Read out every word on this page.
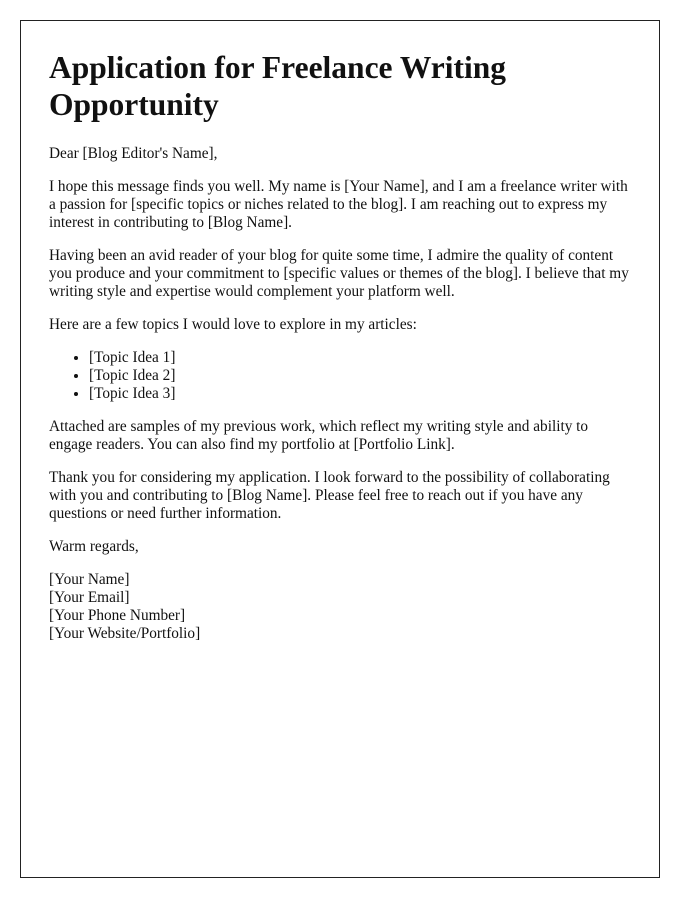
Application for Freelance Writing Opportunity

Dear [Blog Editor's Name],

I hope this message finds you well. My name is [Your Name], and I am a freelance writer with a passion for [specific topics or niches related to the blog]. I am reaching out to express my interest in contributing to [Blog Name].

Having been an avid reader of your blog for quite some time, I admire the quality of content you produce and your commitment to [specific values or themes of the blog]. I believe that my writing style and expertise would complement your platform well.

Here are a few topics I would love to explore in my articles:

• [Topic Idea 1]
• [Topic Idea 2]
• [Topic Idea 3]

Attached are samples of my previous work, which reflect my writing style and ability to engage readers. You can also find my portfolio at [Portfolio Link].

Thank you for considering my application. I look forward to the possibility of collaborating with you and contributing to [Blog Name]. Please feel free to reach out if you have any questions or need further information.

Warm regards,

[Your Name]
[Your Email]
[Your Phone Number]
[Your Website/Portfolio]
